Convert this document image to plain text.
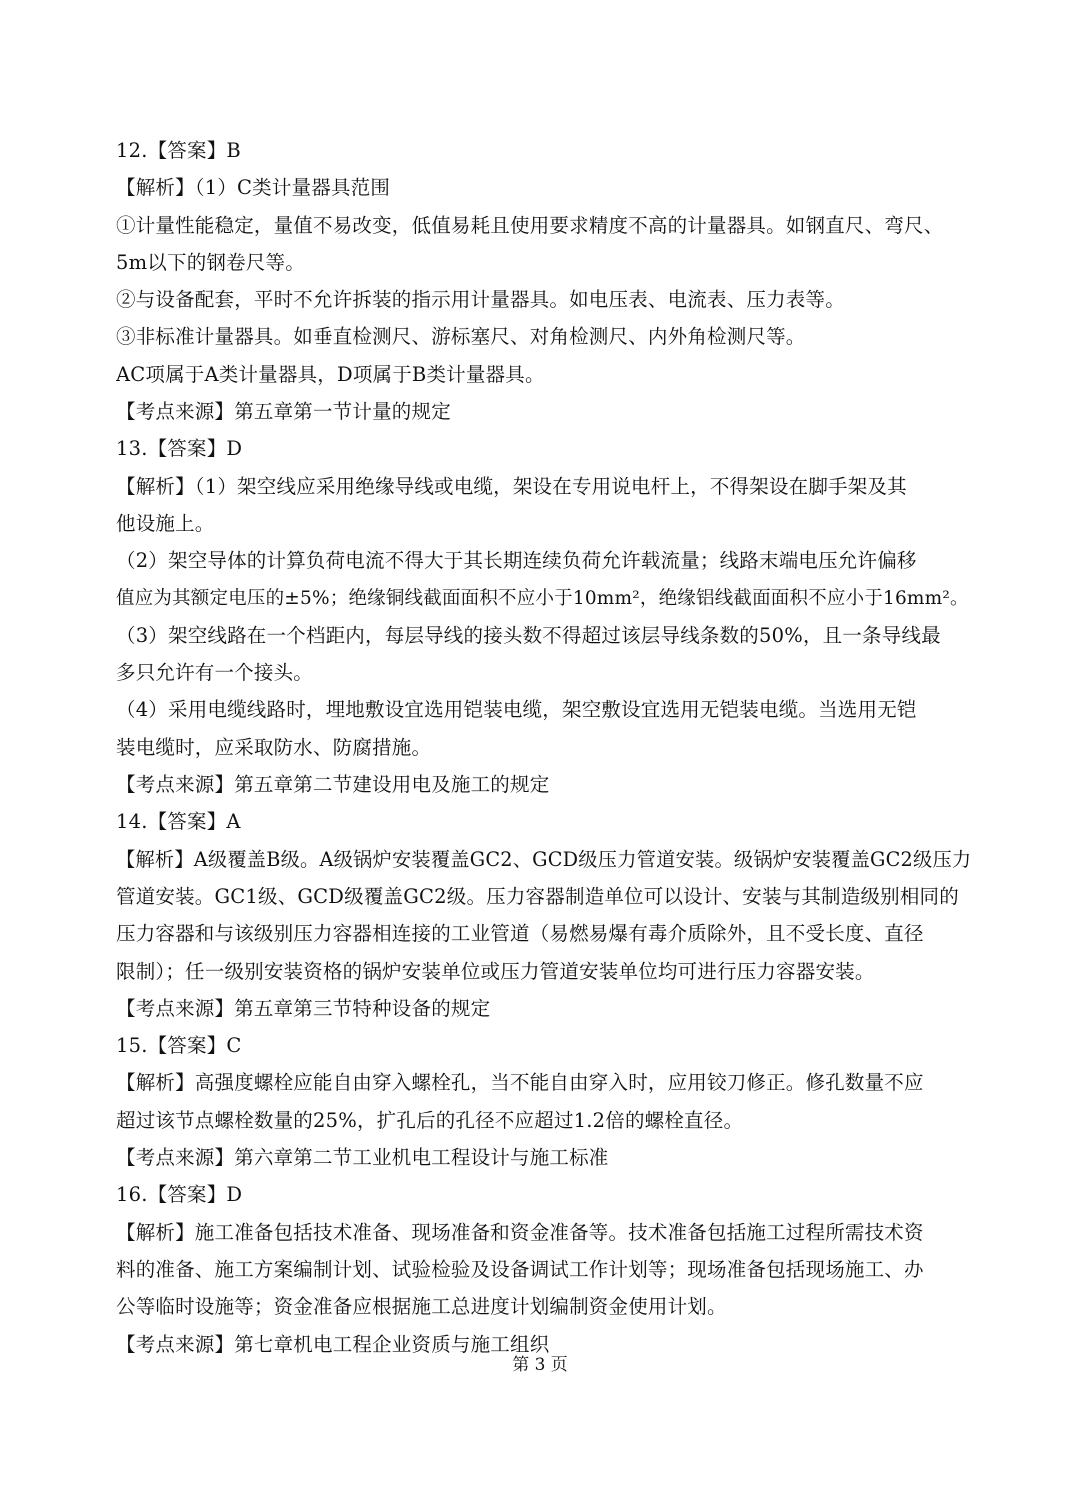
12.【答案】B
【解析】（1）C类计量器具范围
①计量性能稳定，量值不易改变，低值易耗且使用要求精度不高的计量器具。如钢直尺、弯尺、
5m以下的钢卷尺等。
②与设备配套，平时不允许拆装的指示用计量器具。如电压表、电流表、压力表等。
③非标准计量器具。如垂直检测尺、游标塞尺、对角检测尺、内外角检测尺等。
AC项属于A类计量器具，D项属于B类计量器具。
【考点来源】第五章第一节计量的规定
13.【答案】D
【解析】（1）架空线应采用绝缘导线或电缆，架设在专用说电杆上，不得架设在脚手架及其
他设施上。
（2）架空导体的计算负荷电流不得大于其长期连续负荷允许载流量；线路末端电压允许偏移
值应为其额定电压的±5%；绝缘铜线截面面积不应小于10mm²，绝缘铝线截面面积不应小于16mm²。
（3）架空线路在一个档距内，每层导线的接头数不得超过该层导线条数的50%，且一条导线最
多只允许有一个接头。
（4）采用电缆线路时，埋地敷设宜选用铠装电缆，架空敷设宜选用无铠装电缆。当选用无铠
装电缆时，应采取防水、防腐措施。
【考点来源】第五章第二节建设用电及施工的规定
14.【答案】A
【解析】A级覆盖B级。A级锅炉安装覆盖GC2、GCD级压力管道安装。级锅炉安装覆盖GC2级压力
管道安装。GC1级、GCD级覆盖GC2级。压力容器制造单位可以设计、安装与其制造级别相同的
压力容器和与该级别压力容器相连接的工业管道（易燃易爆有毒介质除外，且不受长度、直径
限制）；任一级别安装资格的锅炉安装单位或压力管道安装单位均可进行压力容器安装。
【考点来源】第五章第三节特种设备的规定
15.【答案】C
【解析】高强度螺栓应能自由穿入螺栓孔，当不能自由穿入时，应用铰刀修正。修孔数量不应
超过该节点螺栓数量的25%，扩孔后的孔径不应超过1.2倍的螺栓直径。
【考点来源】第六章第二节工业机电工程设计与施工标准
16.【答案】D
【解析】施工准备包括技术准备、现场准备和资金准备等。技术准备包括施工过程所需技术资
料的准备、施工方案编制计划、试验检验及设备调试工作计划等；现场准备包括现场施工、办
公等临时设施等；资金准备应根据施工总进度计划编制资金使用计划。
【考点来源】第七章机电工程企业资质与施工组织
第 3 页
